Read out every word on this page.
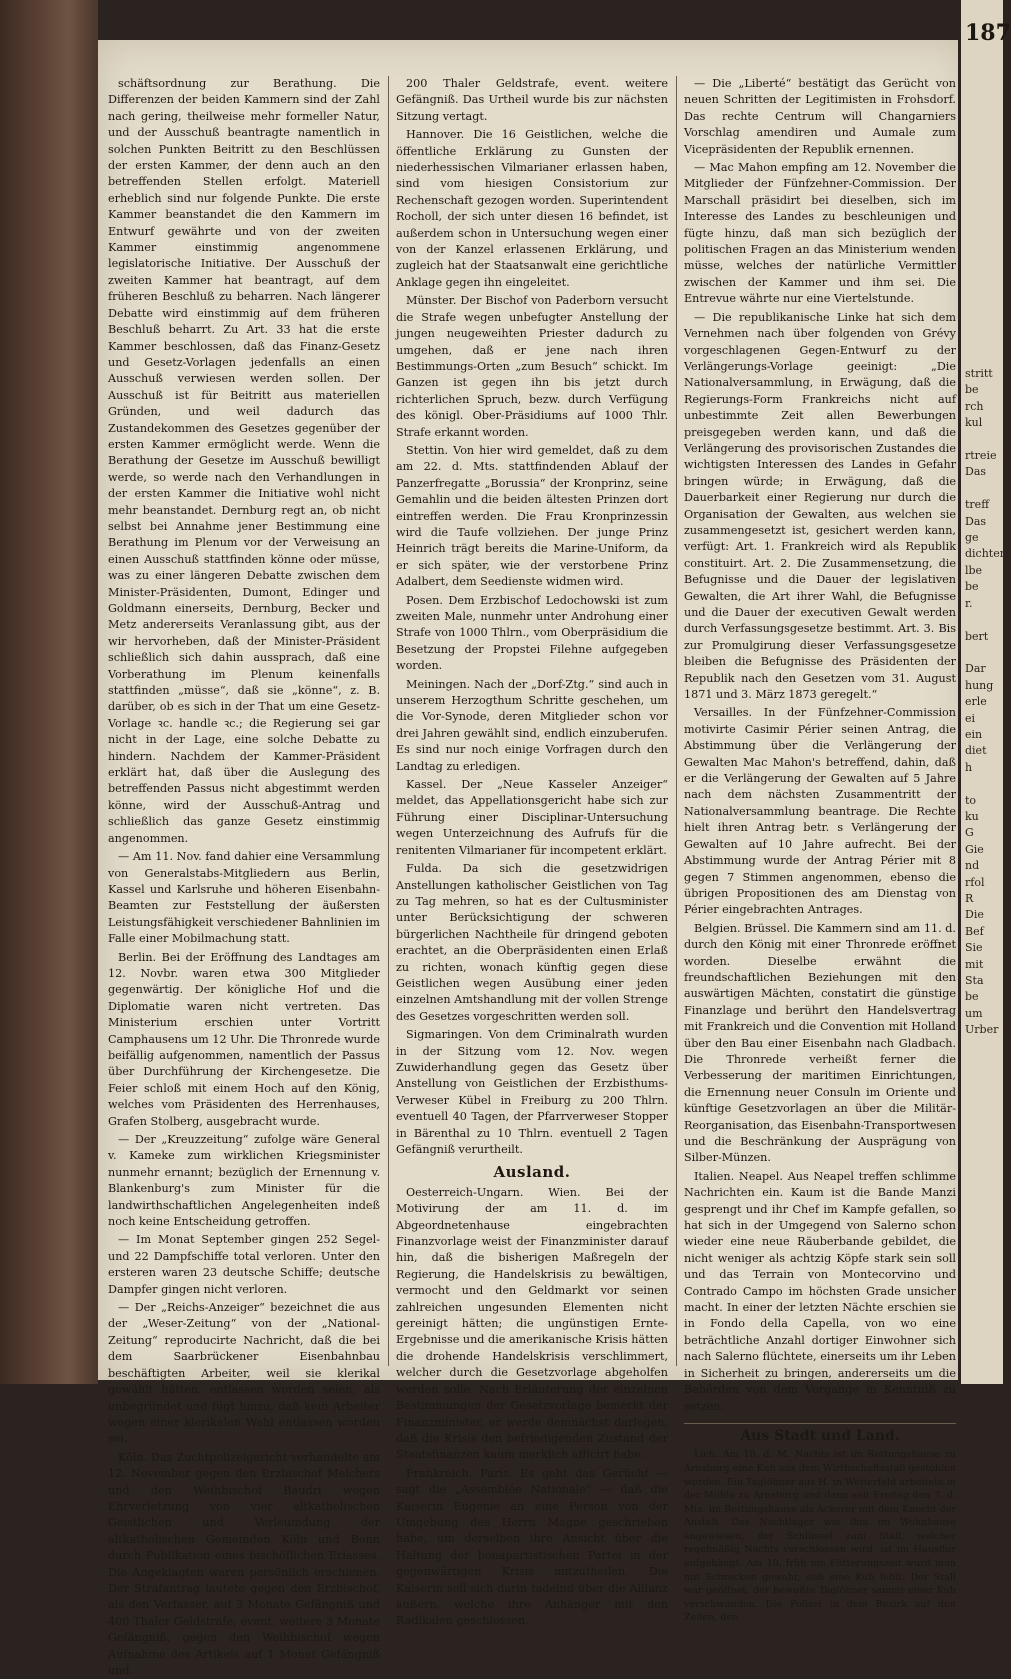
schäftsordnung zur Berathung. Die Differenzen der beiden Kammern sind der Zahl nach gering, theilweise mehr formeller Natur, und der Ausschuß beantragte namentlich in solchen Punkten Beitritt zu den Beschlüssen der ersten Kammer, der denn auch an den betreffenden Stellen erfolgt. Materiell erheblich sind nur folgende Punkte. Die erste Kammer beanstandet die den Kammern im Entwurf gewährte und von der zweiten Kammer einstimmig angenommene legislatorische Initiative. Der Ausschuß der zweiten Kammer hat beantragt, auf dem früheren Beschluß zu beharren. Nach längerer Debatte wird einstimmig auf dem früheren Beschluß beharrt. Zu Art. 33 hat die erste Kammer beschlossen, daß das Finanz-Gesetz und Gesetz-Vorlagen jedenfalls an einen Ausschuß verwiesen werden sollen. Der Ausschuß ist für Beitritt aus materiellen Gründen, und weil dadurch das Zustandekommen des Gesetzes gegenüber der ersten Kammer ermöglicht werde. Wenn die Berathung der Gesetze im Ausschuß bewilligt werde, so werde nach den Verhandlungen in der ersten Kammer die Initiative wohl nicht mehr beanstandet. Dernburg regt an, ob nicht selbst bei Annahme jener Bestimmung eine Berathung im Plenum vor der Verweisung an einen Ausschuß stattfinden könne oder müsse, was zu einer längeren Debatte zwischen dem Minister-Präsidenten, Dumont, Edinger und Goldmann einerseits, Dernburg, Becker und Metz andererseits Veranlassung gibt, aus der wir hervorheben, daß der Minister-Präsident schließlich sich dahin aussprach, daß eine Vorberathung im Plenum keinenfalls stattfinden „müsse“, daß sie „könne“, z. B. darüber, ob es sich in der That um eine Gesetz-Vorlage ꝛc. handle ꝛc.; die Regierung sei gar nicht in der Lage, eine solche Debatte zu hindern. Nachdem der Kammer-Präsident erklärt hat, daß über die Auslegung des betreffenden Passus nicht abgestimmt werden könne, wird der Ausschuß-Antrag und schließlich das ganze Gesetz einstimmig angenommen.

— Am 11. Nov. fand dahier eine Versammlung von Generalstabs-Mitgliedern aus Berlin, Kassel und Karlsruhe und höheren Eisenbahn-Beamten zur Feststellung der äußersten Leistungsfähigkeit verschiedener Bahnlinien im Falle einer Mobilmachung statt.

Berlin. Bei der Eröffnung des Landtages am 12. Novbr. waren etwa 300 Mitglieder gegenwärtig. Der königliche Hof und die Diplomatie waren nicht vertreten. Das Ministerium erschien unter Vortritt Camphausens um 12 Uhr. Die Thronrede wurde beifällig aufgenommen, namentlich der Passus über Durchführung der Kirchengesetze. Die Feier schloß mit einem Hoch auf den König, welches vom Präsidenten des Herrenhauses, Grafen Stolberg, ausgebracht wurde.

— Der „Kreuzzeitung“ zufolge wäre General v. Kameke zum wirklichen Kriegsminister nunmehr ernannt; bezüglich der Ernennung v. Blankenburg's zum Minister für die landwirthschaftlichen Angelegenheiten indeß noch keine Entscheidung getroffen.

— Im Monat September gingen 252 Segel- und 22 Dampfschiffe total verloren. Unter den ersteren waren 23 deutsche Schiffe; deutsche Dampfer gingen nicht verloren.

— Der „Reichs-Anzeiger“ bezeichnet die aus der „Weser-Zeitung“ von der „National-Zeitung“ reproducirte Nachricht, daß die bei dem Saarbrückener Eisenbahnbau beschäftigten Arbeiter, weil sie klerikal gewählt hätten, entlassen worden seien, als unbegründet und fügt hinzu, daß kein Arbeiter wegen einer klerikalen Wahl entlassen worden sei.

Köln. Das Zuchtpolizeigericht verhandelte am 12. November gegen den Erzbischof Melchers und den Weihbischof Baudri wegen Ehrverletzung von vier altkatholischen Geistlichen und Verleumdung der altkatholischen Gemeinden Köln und Bonn durch Publikation eines bischöflichen Erlasses. Die Angeklagten waren persönlich erschienen. Der Strafantrag lautete gegen den Erzbischof, als den Verfasser, auf 3 Monate Gefängniß und 400 Thaler Geldstrafe, event. weitere 3 Monate Gefängniß, gegen den Weihbischof wegen Aufnahme des Artikels auf 1 Monat Gefängniß und

200 Thaler Geldstrafe, event. weitere Gefängniß. Das Urtheil wurde bis zur nächsten Sitzung vertagt.

Hannover. Die 16 Geistlichen, welche die öffentliche Erklärung zu Gunsten der niederhessischen Vilmarianer erlassen haben, sind vom hiesigen Consistorium zur Rechenschaft gezogen worden. Superintendent Rocholl, der sich unter diesen 16 befindet, ist außerdem schon in Untersuchung wegen einer von der Kanzel erlassenen Erklärung, und zugleich hat der Staatsanwalt eine gerichtliche Anklage gegen ihn eingeleitet.

Münster. Der Bischof von Paderborn versucht die Strafe wegen unbefugter Anstellung der jungen neugeweihten Priester dadurch zu umgehen, daß er jene nach ihren Bestimmungs-Orten „zum Besuch“ schickt. Im Ganzen ist gegen ihn bis jetzt durch richterlichen Spruch, bezw. durch Verfügung des königl. Ober-Präsidiums auf 1000 Thlr. Strafe erkannt worden.

Stettin. Von hier wird gemeldet, daß zu dem am 22. d. Mts. stattfindenden Ablauf der Panzerfregatte „Borussia“ der Kronprinz, seine Gemahlin und die beiden ältesten Prinzen dort eintreffen werden. Die Frau Kronprinzessin wird die Taufe vollziehen. Der junge Prinz Heinrich trägt bereits die Marine-Uniform, da er sich später, wie der verstorbene Prinz Adalbert, dem Seedienste widmen wird.

Posen. Dem Erzbischof Ledochowski ist zum zweiten Male, nunmehr unter Androhung einer Strafe von 1000 Thlrn., vom Oberpräsidium die Besetzung der Propstei Filehne aufgegeben worden.

Meiningen. Nach der „Dorf-Ztg.“ sind auch in unserem Herzogthum Schritte geschehen, um die Vor-Synode, deren Mitglieder schon vor drei Jahren gewählt sind, endlich einzuberufen. Es sind nur noch einige Vorfragen durch den Landtag zu erledigen.

Kassel. Der „Neue Kasseler Anzeiger“ meldet, das Appellationsgericht habe sich zur Führung einer Disciplinar-Untersuchung wegen Unterzeichnung des Aufrufs für die renitenten Vilmarianer für incompetent erklärt.

Fulda. Da sich die gesetzwidrigen Anstellungen katholischer Geistlichen von Tag zu Tag mehren, so hat es der Cultusminister unter Berücksichtigung der schweren bürgerlichen Nachtheile für dringend geboten erachtet, an die Oberpräsidenten einen Erlaß zu richten, wonach künftig gegen diese Geistlichen wegen Ausübung einer jeden einzelnen Amtshandlung mit der vollen Strenge des Gesetzes vorgeschritten werden soll.

Sigmaringen. Von dem Criminalrath wurden in der Sitzung vom 12. Nov. wegen Zuwiderhandlung gegen das Gesetz über Anstellung von Geistlichen der Erzbisthums-Verweser Kübel in Freiburg zu 200 Thlrn. eventuell 40 Tagen, der Pfarrverweser Stopper in Bärenthal zu 10 Thlrn. eventuell 2 Tagen Gefängniß verurtheilt.

Ausland.

Oesterreich-Ungarn. Wien. Bei der Motivirung der am 11. d. im Abgeordnetenhause eingebrachten Finanzvorlage weist der Finanzminister darauf hin, daß die bisherigen Maßregeln der Regierung, die Handelskrisis zu bewältigen, vermocht und den Geldmarkt vor seinen zahlreichen ungesunden Elementen nicht gereinigt hätten; die ungünstigen Ernte-Ergebnisse und die amerikanische Krisis hätten die drohende Handelskrisis verschlimmert, welcher durch die Gesetzvorlage abgeholfen werden solle. Nach Erläuterung der einzelnen Bestimmungen der Gesetzvorlage bemerkt der Finanzminister, er werde demnächst darlegen, daß die Krisis den befriedigenden Zustand der Staatsfinanzen kaum merklich afficirt habe.

Frankreich. Paris. Es geht das Gerücht — sagt die „Assemblée Nationale“ — daß die Kaiserin Eugenie an eine Person von der Umgebung des Herrn Magne geschrieben habe, um derselben ihre Ansicht über die Haltung der bonapartistischen Partei in der gegenwärtigen Krisis mitzutheilen. Die Kaiserin soll sich darin tadelnd über die Allianz äußern, welche ihre Anhänger mit den Radikalen geschlossen.

— Die „Liberté“ bestätigt das Gerücht von neuen Schritten der Legitimisten in Frohsdorf. Das rechte Centrum will Changarniers Vorschlag amendiren und Aumale zum Vicepräsidenten der Republik ernennen.

— Mac Mahon empfing am 12. November die Mitglieder der Fünfzehner-Commission. Der Marschall präsidirt bei dieselben, sich im Interesse des Landes zu beschleunigen und fügte hinzu, daß man sich bezüglich der politischen Fragen an das Ministerium wenden müsse, welches der natürliche Vermittler zwischen der Kammer und ihm sei. Die Entrevue währte nur eine Viertelstunde.

— Die republikanische Linke hat sich dem Vernehmen nach über folgenden von Grévy vorgeschlagenen Gegen-Entwurf zu der Verlängerungs-Vorlage geeinigt: „Die Nationalversammlung, in Erwägung, daß die Regierungs-Form Frankreichs nicht auf unbestimmte Zeit allen Bewerbungen preisgegeben werden kann, und daß die Verlängerung des provisorischen Zustandes die wichtigsten Interessen des Landes in Gefahr bringen würde; in Erwägung, daß die Dauerbarkeit einer Regierung nur durch die Organisation der Gewalten, aus welchen sie zusammengesetzt ist, gesichert werden kann, verfügt: Art. 1. Frankreich wird als Republik constituirt. Art. 2. Die Zusammensetzung, die Befugnisse und die Dauer der legislativen Gewalten, die Art ihrer Wahl, die Befugnisse und die Dauer der executiven Gewalt werden durch Verfassungsgesetze bestimmt. Art. 3. Bis zur Promulgirung dieser Verfassungsgesetze bleiben die Befugnisse des Präsidenten der Republik nach den Gesetzen vom 31. August 1871 und 3. März 1873 geregelt.“

Versailles. In der Fünfzehner-Commission motivirte Casimir Périer seinen Antrag, die Abstimmung über die Verlängerung der Gewalten Mac Mahon's betreffend, dahin, daß er die Verlängerung der Gewalten auf 5 Jahre nach dem nächsten Zusammentritt der Nationalversammlung beantrage. Die Rechte hielt ihren Antrag betr. s Verlängerung der Gewalten auf 10 Jahre aufrecht. Bei der Abstimmung wurde der Antrag Périer mit 8 gegen 7 Stimmen angenommen, ebenso die übrigen Propositionen des am Dienstag von Périer eingebrachten Antrages.

Belgien. Brüssel. Die Kammern sind am 11. d. durch den König mit einer Thronrede eröffnet worden. Dieselbe erwähnt die freundschaftlichen Beziehungen mit den auswärtigen Mächten, constatirt die günstige Finanzlage und berührt den Handelsvertrag mit Frankreich und die Convention mit Holland über den Bau einer Eisenbahn nach Gladbach. Die Thronrede verheißt ferner die Verbesserung der maritimen Einrichtungen, die Ernennung neuer Consuln im Oriente und künftige Gesetzvorlagen an über die Militär-Reorganisation, das Eisenbahn-Transportwesen und die Beschränkung der Ausprägung von Silber-Münzen.

Italien. Neapel. Aus Neapel treffen schlimme Nachrichten ein. Kaum ist die Bande Manzi gesprengt und ihr Chef im Kampfe gefallen, so hat sich in der Umgegend von Salerno schon wieder eine neue Räuberbande gebildet, die nicht weniger als achtzig Köpfe stark sein soll und das Terrain von Montecorvino und Contrado Campo im höchsten Grade unsicher macht. In einer der letzten Nächte erschien sie in Fondo della Capella, von wo eine beträchtliche Anzahl dortiger Einwohner sich nach Salerno flüchtete, einerseits um ihr Leben in Sicherheit zu bringen, andererseits um die Behörden von dem Vorgange in Kenntniß zu setzen.

Aus Stadt und Land.

Lich. Am 10. d. M. Nachts ist im Rettungshause zu Arnsburg eine Kuh aus dem Wirthschaftsstall gestohlen worden. Ein Taglöhner aus H. in Wetterfeld arbeitete in der Mühle zu Arnsburg und dann seit Freitag den 7. d. Mts. im Rettungshause als Ackerer mit dem Knecht der Anstalt. Das Nachtlager wie ihm im Wohnhause angewiesen, der Schlüssel zum Stall, welcher regelmäßig Nachts verschlossen wird, ist im Hausflur aufgehängt. Am 10. früh um Fütterungszeit wurd man mit Schrecken gewahr, daß eine Kuh fehlt. Der Stall war geöffnet, der bewußte Taglöhner sammt einer Kuh verschwunden. Die Polizei in dem Bezirk auf den Zeilen, den

187
stritt
be
rch
kul

rtreie
Das

treff
Das
ge
dichten,
lbe
be
r.

bert

Dar
hung
erle
ei
ein
diet
h

to
ku
G
Gie
nd
rfol
R
Die
Bef
Sie
mit
Sta
be
um
Urber
